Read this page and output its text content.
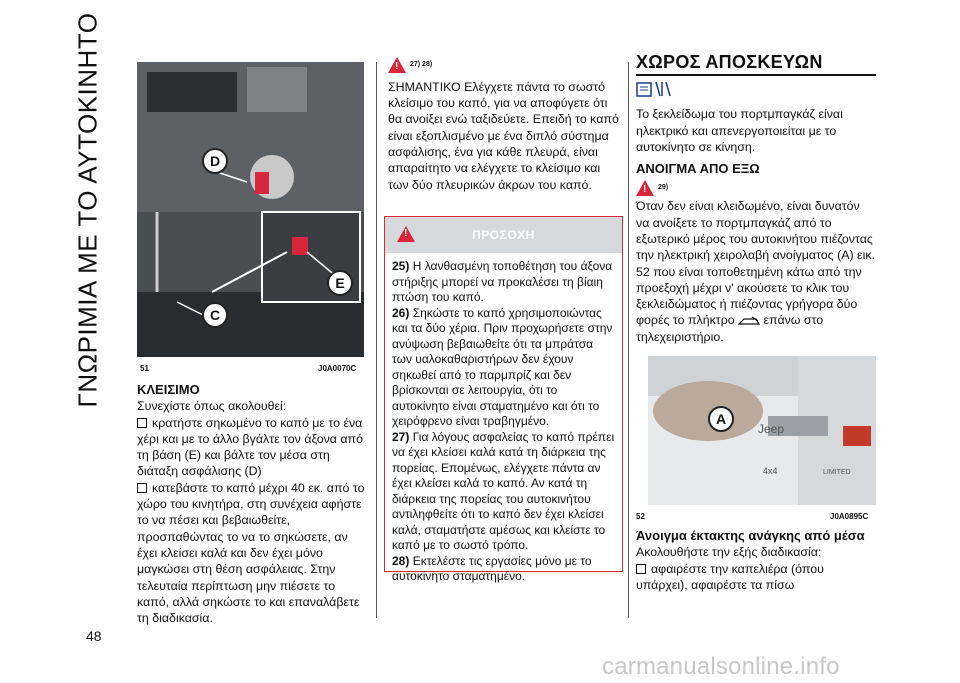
ΓΝΩΡΙΜΙΑ ΜΕ ΤΟ ΑΥΤΟΚΙΝΗΤΟ
48
D
E
C
51	J0A0070C

ΚΛΕΙΣΙΜΟ

Συνεχίστε όπως ακολουθεί:

κρατήστε σηκωμένο το καπό με το ένα χέρι και με το άλλο βγάλτε τον άξονα από τη βάση (E) και βάλτε τον μέσα στη διάταξη ασφάλισης (D)

κατεβάστε το καπό μέχρι 40 εκ. από το χώρο του κινητήρα, στη συνέχεια αφήστε το να πέσει και βεβαιωθείτε, προσπαθώντας το να το σηκώσετε, αν έχει κλείσει καλά και δεν έχει μόνο μαγκώσει στη θέση ασφάλειας. Στην τελευταία περίπτωση μην πιέσετε το καπό, αλλά σηκώστε το και επαναλάβετε τη διαδικασία.

!27) 28)

ΣΗΜΑΝΤΙΚΟ Ελέγχετε πάντα το σωστό κλείσιμο του καπό, για να αποφύγετε ότι θα ανοίξει ενώ ταξιδεύετε. Επειδή το καπό είναι εξοπλισμένο με ένα διπλό σύστημα ασφάλισης, ένα για κάθε πλευρά, είναι απαραίτητο να ελέγχετε το κλείσιμο και των δύο πλευρικών άκρων του καπό.

!
ΠΡΟΣΟΧΗ

25) Η λανθασμένη τοποθέτηση του άξονα στήριξης μπορεί να προκαλέσει τη βίαιη πτώση του καπό.

26) Σηκώστε το καπό χρησιμοποιώντας και τα δύο χέρια. Πριν προχωρήσετε στην ανύψωση βεβαιωθείτε ότι τα μπράτσα των υαλοκαθαριστήρων δεν έχουν σηκωθεί από το παρμπρίζ και δεν βρίσκονται σε λειτουργία, ότι το αυτοκίνητο είναι σταματημένο και ότι το χειρόφρενο είναι τραβηγμένο.

27) Για λόγους ασφαλείας το καπό πρέπει να έχει κλείσει καλά κατά τη διάρκεια της πορείας. Επομένως, ελέγχετε πάντα αν έχει κλείσει καλά το καπό. Αν κατά τη διάρκεια της πορείας του αυτοκινήτου αντιληφθείτε ότι το καπό δεν έχει κλείσει καλά, σταματήστε αμέσως και κλείστε το καπό με το σωστό τρόπο.

28) Εκτελέστε τις εργασίες μόνο με το αυτοκίνητο σταματημένο.

ΧΩΡΟΣ ΑΠΟΣΚΕΥΩΝ

Το ξεκλείδωμα του πορτμπαγκάζ είναι ηλεκτρικό και απενεργοποιείται με το αυτοκίνητο σε κίνηση.

ΑΝΟΙΓΜΑ ΑΠΟ ΕΞΩ

!29)

Όταν δεν είναι κλειδωμένο, είναι δυνατόν να ανοίξετε το πορτμπαγκάζ από το εξωτερικό μέρος του αυτοκινήτου πιέζοντας την ηλεκτρική χειρολαβή ανοίγματος (A) εικ. 52 που είναι τοποθετημένη κάτω από την προεξοχή μέχρι ν' ακούσετε το κλικ του ξεκλειδώματος ή πιέζοντας γρήγορα δύο φορές το πλήκτρο επάνω στο τηλεχειριστήριο.

Jeep
4x4	LIMITED
A
52	J0A0895C

Άνοιγμα έκτακτης ανάγκης από μέσα

Ακολουθήστε την εξής διαδικασία:

αφαιρέστε την καπελιέρα (όπου υπάρχει), αφαιρέστε τα πίσω

carmanualsonline.info
